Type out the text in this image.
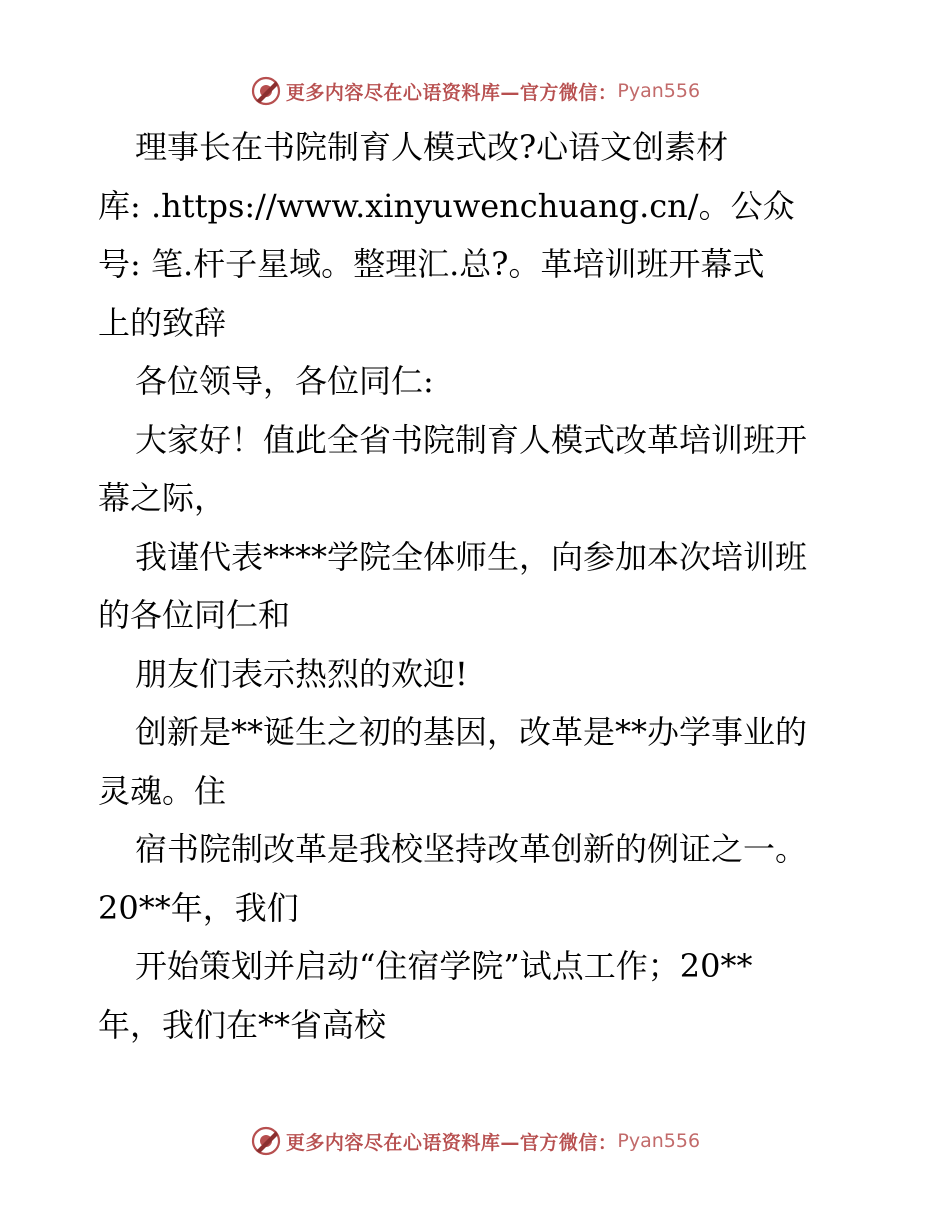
更多内容尽在心语资料库—官方微信： Pyan556
理事长在书院制育人模式改?心语文创素材
库: .https://www.xinyuwenchuang.cn/。公众
号: 笔.杆子星域。整理汇.总?。革培训班开幕式
上的致辞
各位领导，各位同仁:
大家好！值此全省书院制育人模式改革培训班开
幕之际，
我谨代表****学院全体师生，向参加本次培训班
的各位同仁和
朋友们表示热烈的欢迎!
创新是**诞生之初的基因，改革是**办学事业的
灵魂。住
宿书院制改革是我校坚持改革创新的例证之一。
20**年，我们
开始策划并启动“住宿学院”试点工作；20**
年，我们在**省高校
更多内容尽在心语资料库—官方微信： Pyan556
